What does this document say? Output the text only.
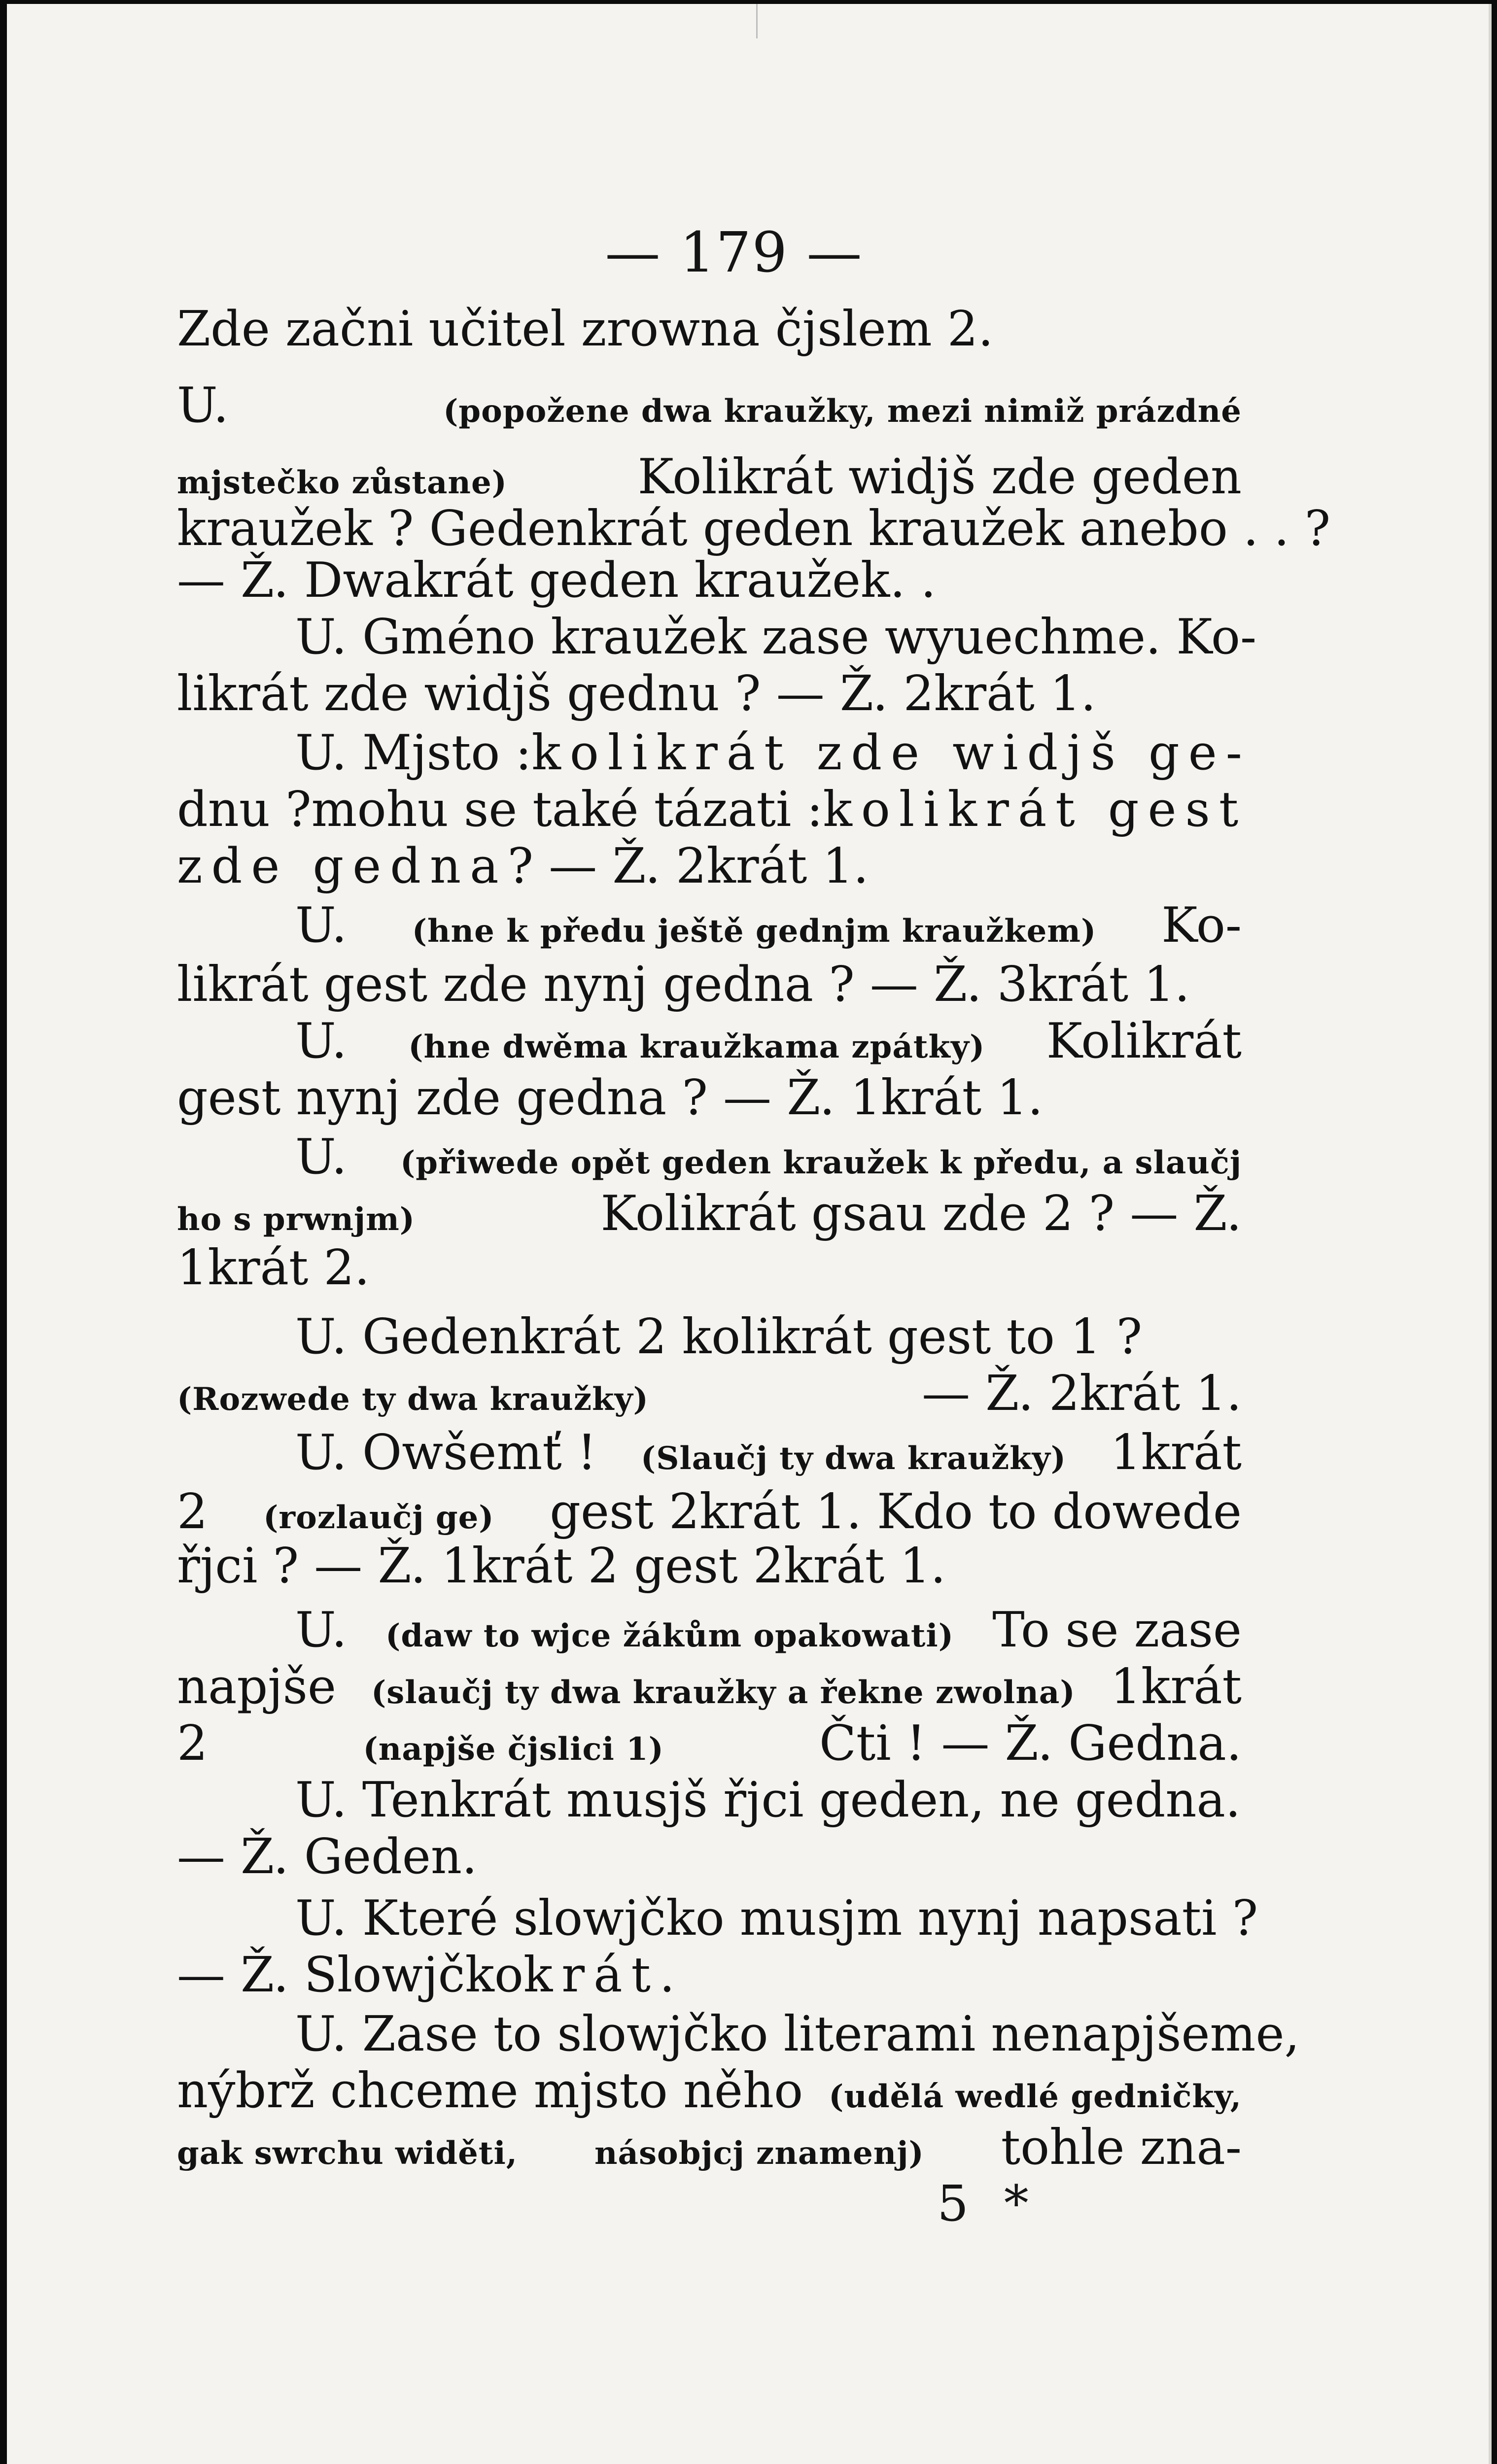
— 179 —
Zde začni učitel zrowna čjslem 2.
U.	(popožene dwa kraužky, mezi nimiž prázdné
mjstečko zůstane)	Kolikrát widjš zde geden
kraužek ? Gedenkrát geden kraužek anebo . . ?
— Ž. Dwakrát geden kraužek. .
U. Gméno kraužek zase wyuechme. Ko-
likrát zde widjš gednu ? — Ž. 2krát 1.
U. Mjsto : kolikrát zde widjš ge-
dnu ? mohu se také tázati : kolikrát gest
zde gedna ? — Ž. 2krát 1.
U. (hne k předu ještě gednjm kraužkem) Ko-
likrát gest zde nynj gedna ? — Ž. 3krát 1.
U. (hne dwěma kraužkama zpátky) Kolikrát
gest nynj zde gedna ? — Ž. 1krát 1.
U. (přiwede opět geden kraužek k předu, a slaučj
ho s prwnjm)	Kolikrát gsau zde 2 ? — Ž.
1krát 2.
U. Gedenkrát 2 kolikrát gest to 1 ?
(Rozwede ty dwa kraužky)	— Ž. 2krát 1.
U. Owšemť ! (Slaučj ty dwa kraužky) 1krát
2 (rozlaučj ge) gest 2krát 1. Kdo to dowede
řjci ? — Ž. 1krát 2 gest 2krát 1.
U. (daw to wjce žákům opakowati) To se zase
napjše (slaučj ty dwa kraužky a řekne zwolna) 1krát
2	(napjše čjslici 1)	Čti ! — Ž. Gedna.
U. Tenkrát musjš řjci geden, ne gedna.
— Ž. Geden.
U. Které slowjčko musjm nynj napsati ?
— Ž. Slowjčko krát.
U. Zase to slowjčko literami nenapjšeme,
nýbrž chceme mjsto něho (udělá wedlé gedničky,
gak swrchu widěti, násobjcj znamenj) tohle zna-
5 *
